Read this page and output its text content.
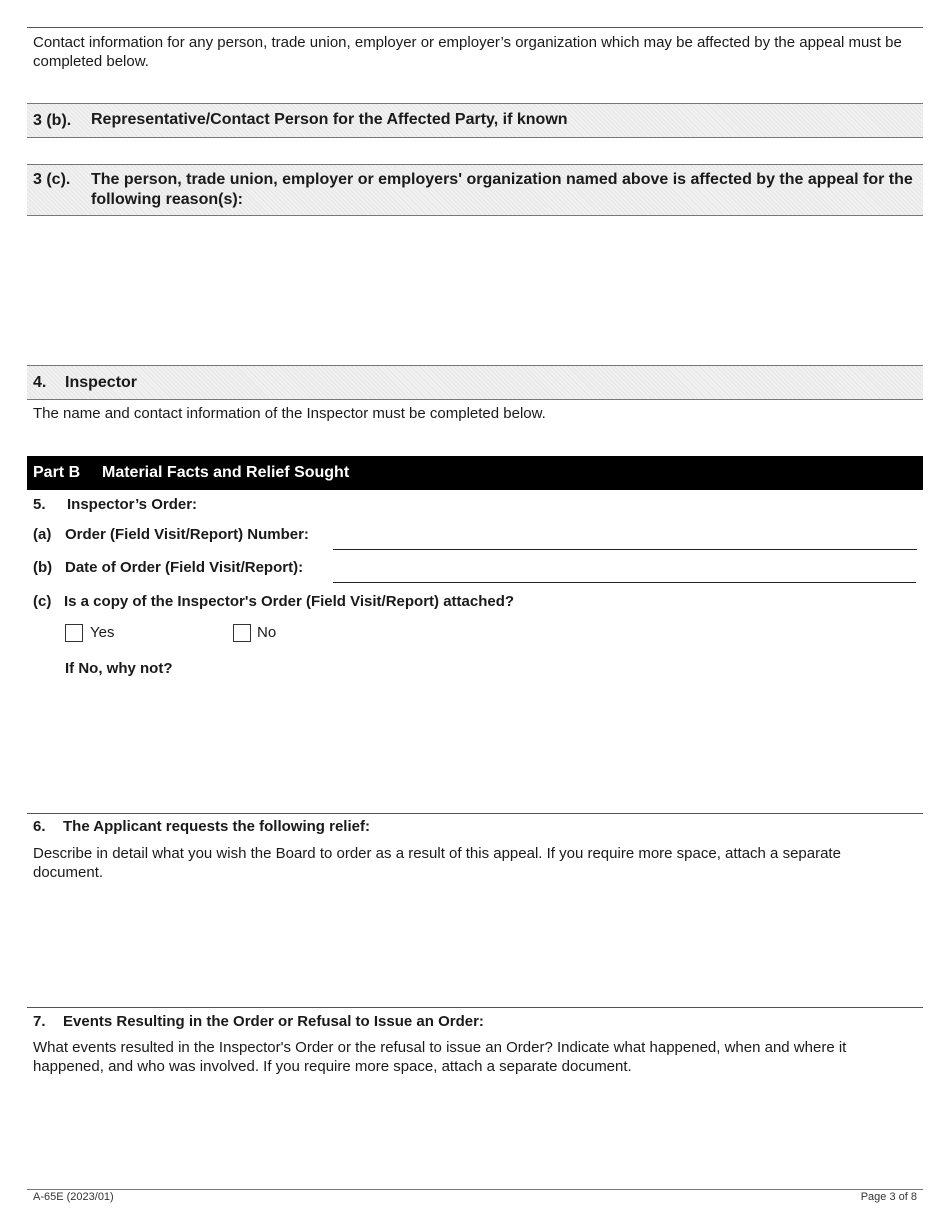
Contact information for any person, trade union, employer or employer’s organization which may be affected by the appeal must be completed below.
3 (b). Representative/Contact Person for the Affected Party, if known
3 (c). The person, trade union, employer or employers' organization named above is affected by the appeal for the following reason(s):
4. Inspector
The name and contact information of the Inspector must be completed below.
Part B Material Facts and Relief Sought
5. Inspector’s Order:
(a) Order (Field Visit/Report) Number:
(b) Date of Order (Field Visit/Report):
(c) Is a copy of the Inspector's Order (Field Visit/Report) attached?
Yes	No
If No, why not?
6. The Applicant requests the following relief:
Describe in detail what you wish the Board to order as a result of this appeal. If you require more space, attach a separate document.
7. Events Resulting in the Order or Refusal to Issue an Order:
What events resulted in the Inspector's Order or the refusal to issue an Order? Indicate what happened, when and where it happened, and who was involved. If you require more space, attach a separate document.
A-65E (2023/01)	Page 3 of 8
